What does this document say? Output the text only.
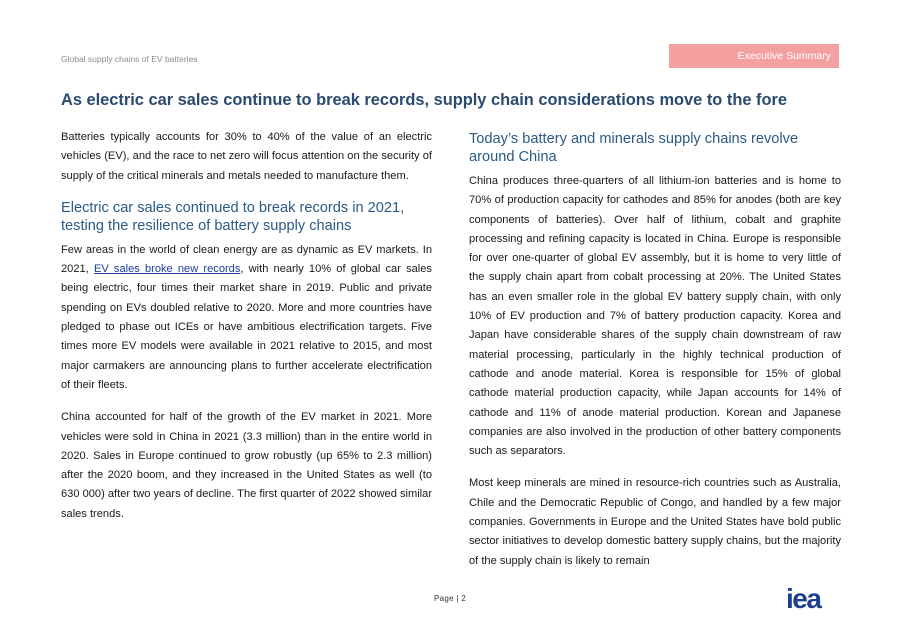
Global supply chains of EV batteries	Executive Summary
As electric car sales continue to break records, supply chain considerations move to the fore

Batteries typically accounts for 30% to 40% of the value of an electric vehicles (EV), and the race to net zero will focus attention on the security of supply of the critical minerals and metals needed to manufacture them.

Electric car sales continued to break records in 2021, testing the resilience of battery supply chains

Few areas in the world of clean energy are as dynamic as EV markets. In 2021, EV sales broke new records, with nearly 10% of global car sales being electric, four times their market share in 2019. Public and private spending on EVs doubled relative to 2020. More and more countries have pledged to phase out ICEs or have ambitious electrification targets. Five times more EV models were available in 2021 relative to 2015, and most major carmakers are announcing plans to further accelerate electrification of their fleets.

China accounted for half of the growth of the EV market in 2021. More vehicles were sold in China in 2021 (3.3 million) than in the entire world in 2020. Sales in Europe continued to grow robustly (up 65% to 2.3 million) after the 2020 boom, and they increased in the United States as well (to 630 000) after two years of decline. The first quarter of 2022 showed similar sales trends.

Today’s battery and minerals supply chains revolve around China

China produces three-quarters of all lithium-ion batteries and is home to 70% of production capacity for cathodes and 85% for anodes (both are key components of batteries). Over half of lithium, cobalt and graphite processing and refining capacity is located in China. Europe is responsible for over one-quarter of global EV assembly, but it is home to very little of the supply chain apart from cobalt processing at 20%. The United States has an even smaller role in the global EV battery supply chain, with only 10% of EV production and 7% of battery production capacity. Korea and Japan have considerable shares of the supply chain downstream of raw material processing, particularly in the highly technical production of cathode and anode material. Korea is responsible for 15% of global cathode material production capacity, while Japan accounts for 14% of cathode and 11% of anode material production. Korean and Japanese companies are also involved in the production of other battery components such as separators.

Most keep minerals are mined in resource-rich countries such as Australia, Chile and the Democratic Republic of Congo, and handled by a few major companies. Governments in Europe and the United States have bold public sector initiatives to develop domestic battery supply chains, but the majority of the supply chain is likely to remain

Page | 2	iea
